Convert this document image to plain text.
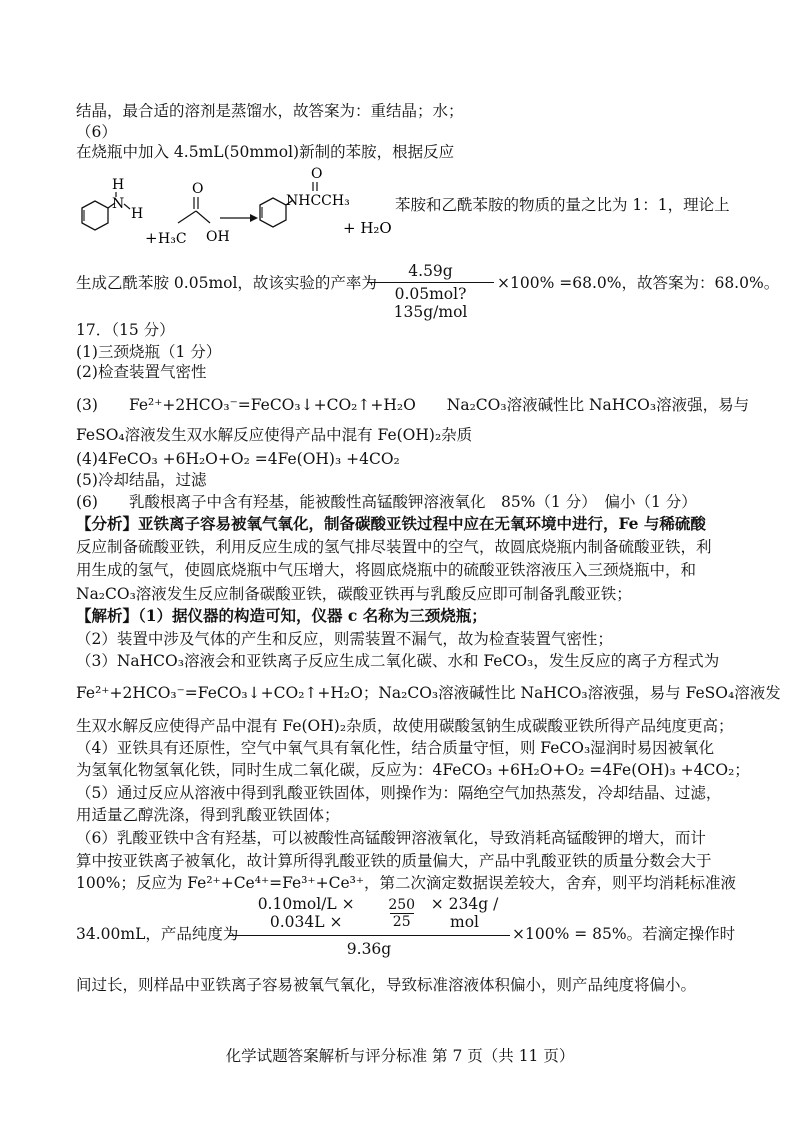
结晶，最合适的溶剂是蒸馏水，故答案为：重结晶；水；
（6）
在烧瓶中加入 4.5mL(50mmol)新制的苯胺，根据反应
H
N
H
+
O
H₃C OH
O
NHCCH₃
+ H₂O
苯胺和乙酰苯胺的物质的量之比为 1：1，理论上
生成乙酰苯胺 0.05mol，故该实验的产率为
4.59g
0.05mol? 135g/mol
×100% =68.0%，故答案为：68.0%。
17．（15 分）
(1)三颈烧瓶（1 分）
(2)检查装置气密性
(3)　　Fe²⁺+2HCO₃⁻=FeCO₃↓+CO₂↑+H₂O　　Na₂CO₃溶液碱性比 NaHCO₃溶液强，易与
FeSO₄溶液发生双水解反应使得产品中混有 Fe(OH)₂杂质
(4)4FeCO₃ +6H₂O+O₂ =4Fe(OH)₃ +4CO₂
(5)冷却结晶，过滤
(6)　　乳酸根离子中含有羟基，能被酸性高锰酸钾溶液氧化　85%（1 分）　偏小（1 分）
【分析】亚铁离子容易被氧气氧化，制备碳酸亚铁过程中应在无氧环境中进行，Fe 与稀硫酸
反应制备硫酸亚铁，利用反应生成的氢气排尽装置中的空气，故圆底烧瓶内制备硫酸亚铁，利
用生成的氢气，使圆底烧瓶中气压增大，将圆底烧瓶中的硫酸亚铁溶液压入三颈烧瓶中，和
Na₂CO₃溶液发生反应制备碳酸亚铁，碳酸亚铁再与乳酸反应即可制备乳酸亚铁；
【解析】（1）据仪器的构造可知，仪器 c 名称为三颈烧瓶；
（2）装置中涉及气体的产生和反应，则需装置不漏气，故为检查装置气密性；
（3）NaHCO₃溶液会和亚铁离子反应生成二氧化碳、水和 FeCO₃，发生反应的离子方程式为
Fe²⁺+2HCO₃⁻=FeCO₃↓+CO₂↑+H₂O；Na₂CO₃溶液碱性比 NaHCO₃溶液强，易与 FeSO₄溶液发
生双水解反应使得产品中混有 Fe(OH)₂杂质，故使用碳酸氢钠生成碳酸亚铁所得产品纯度更高；
（4）亚铁具有还原性，空气中氧气具有氧化性，结合质量守恒，则 FeCO₃湿润时易因被氧化
为氢氧化物氢氧化铁，同时生成二氧化碳，反应为：4FeCO₃ +6H₂O+O₂ =4Fe(OH)₃ +4CO₂；
（5）通过反应从溶液中得到乳酸亚铁固体，则操作为：隔绝空气加热蒸发，冷却结晶、过滤，
用适量乙醇洗涤，得到乳酸亚铁固体；
（6）乳酸亚铁中含有羟基，可以被酸性高锰酸钾溶液氧化，导致消耗高锰酸钾的增大，而计
算中按亚铁离子被氧化，故计算所得乳酸亚铁的质量偏大，产品中乳酸亚铁的质量分数会大于
100%；反应为 Fe²⁺+Ce⁴⁺=Fe³⁺+Ce³⁺，第二次滴定数据误差较大，舍弃，则平均消耗标准液
34.00mL，产品纯度为
0.10mol/L × 0.034L ×
250
25
× 234g / mol
9.36g
×100% = 85%。若滴定操作时
间过长，则样品中亚铁离子容易被氧气氧化，导致标准溶液体积偏小，则产品纯度将偏小。
化学试题答案解析与评分标准 第 7 页（共 11 页）
